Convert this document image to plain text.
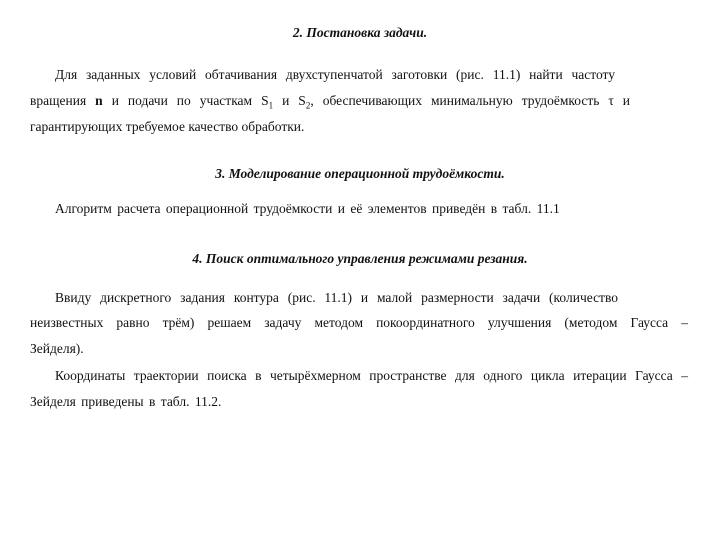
2. Постановка задачи.
Для заданных условий обтачивания двухступенчатой заготовки (рис. 11.1) найти частоту
вращения n и подачи по участкам $S_1$ и $S_2$, обеспечивающих минимальную трудоёмкость τ и
гарантирующих требуемое качество обработки.
3. Моделирование операционной трудоёмкости.
Алгоритм расчета операционной трудоёмкости и её элементов приведён в табл. 11.1
4. Поиск оптимального управления режимами резания.
Ввиду дискретного задания контура (рис. 11.1) и малой размерности задачи (количество
неизвестных равно трём) решаем задачу методом покоординатного улучшения (методом Гаусса –
Зейделя).
Координаты траектории поиска в четырёхмерном пространстве для одного цикла итерации Гаусса –
Зейделя приведены в табл. 11.2.
